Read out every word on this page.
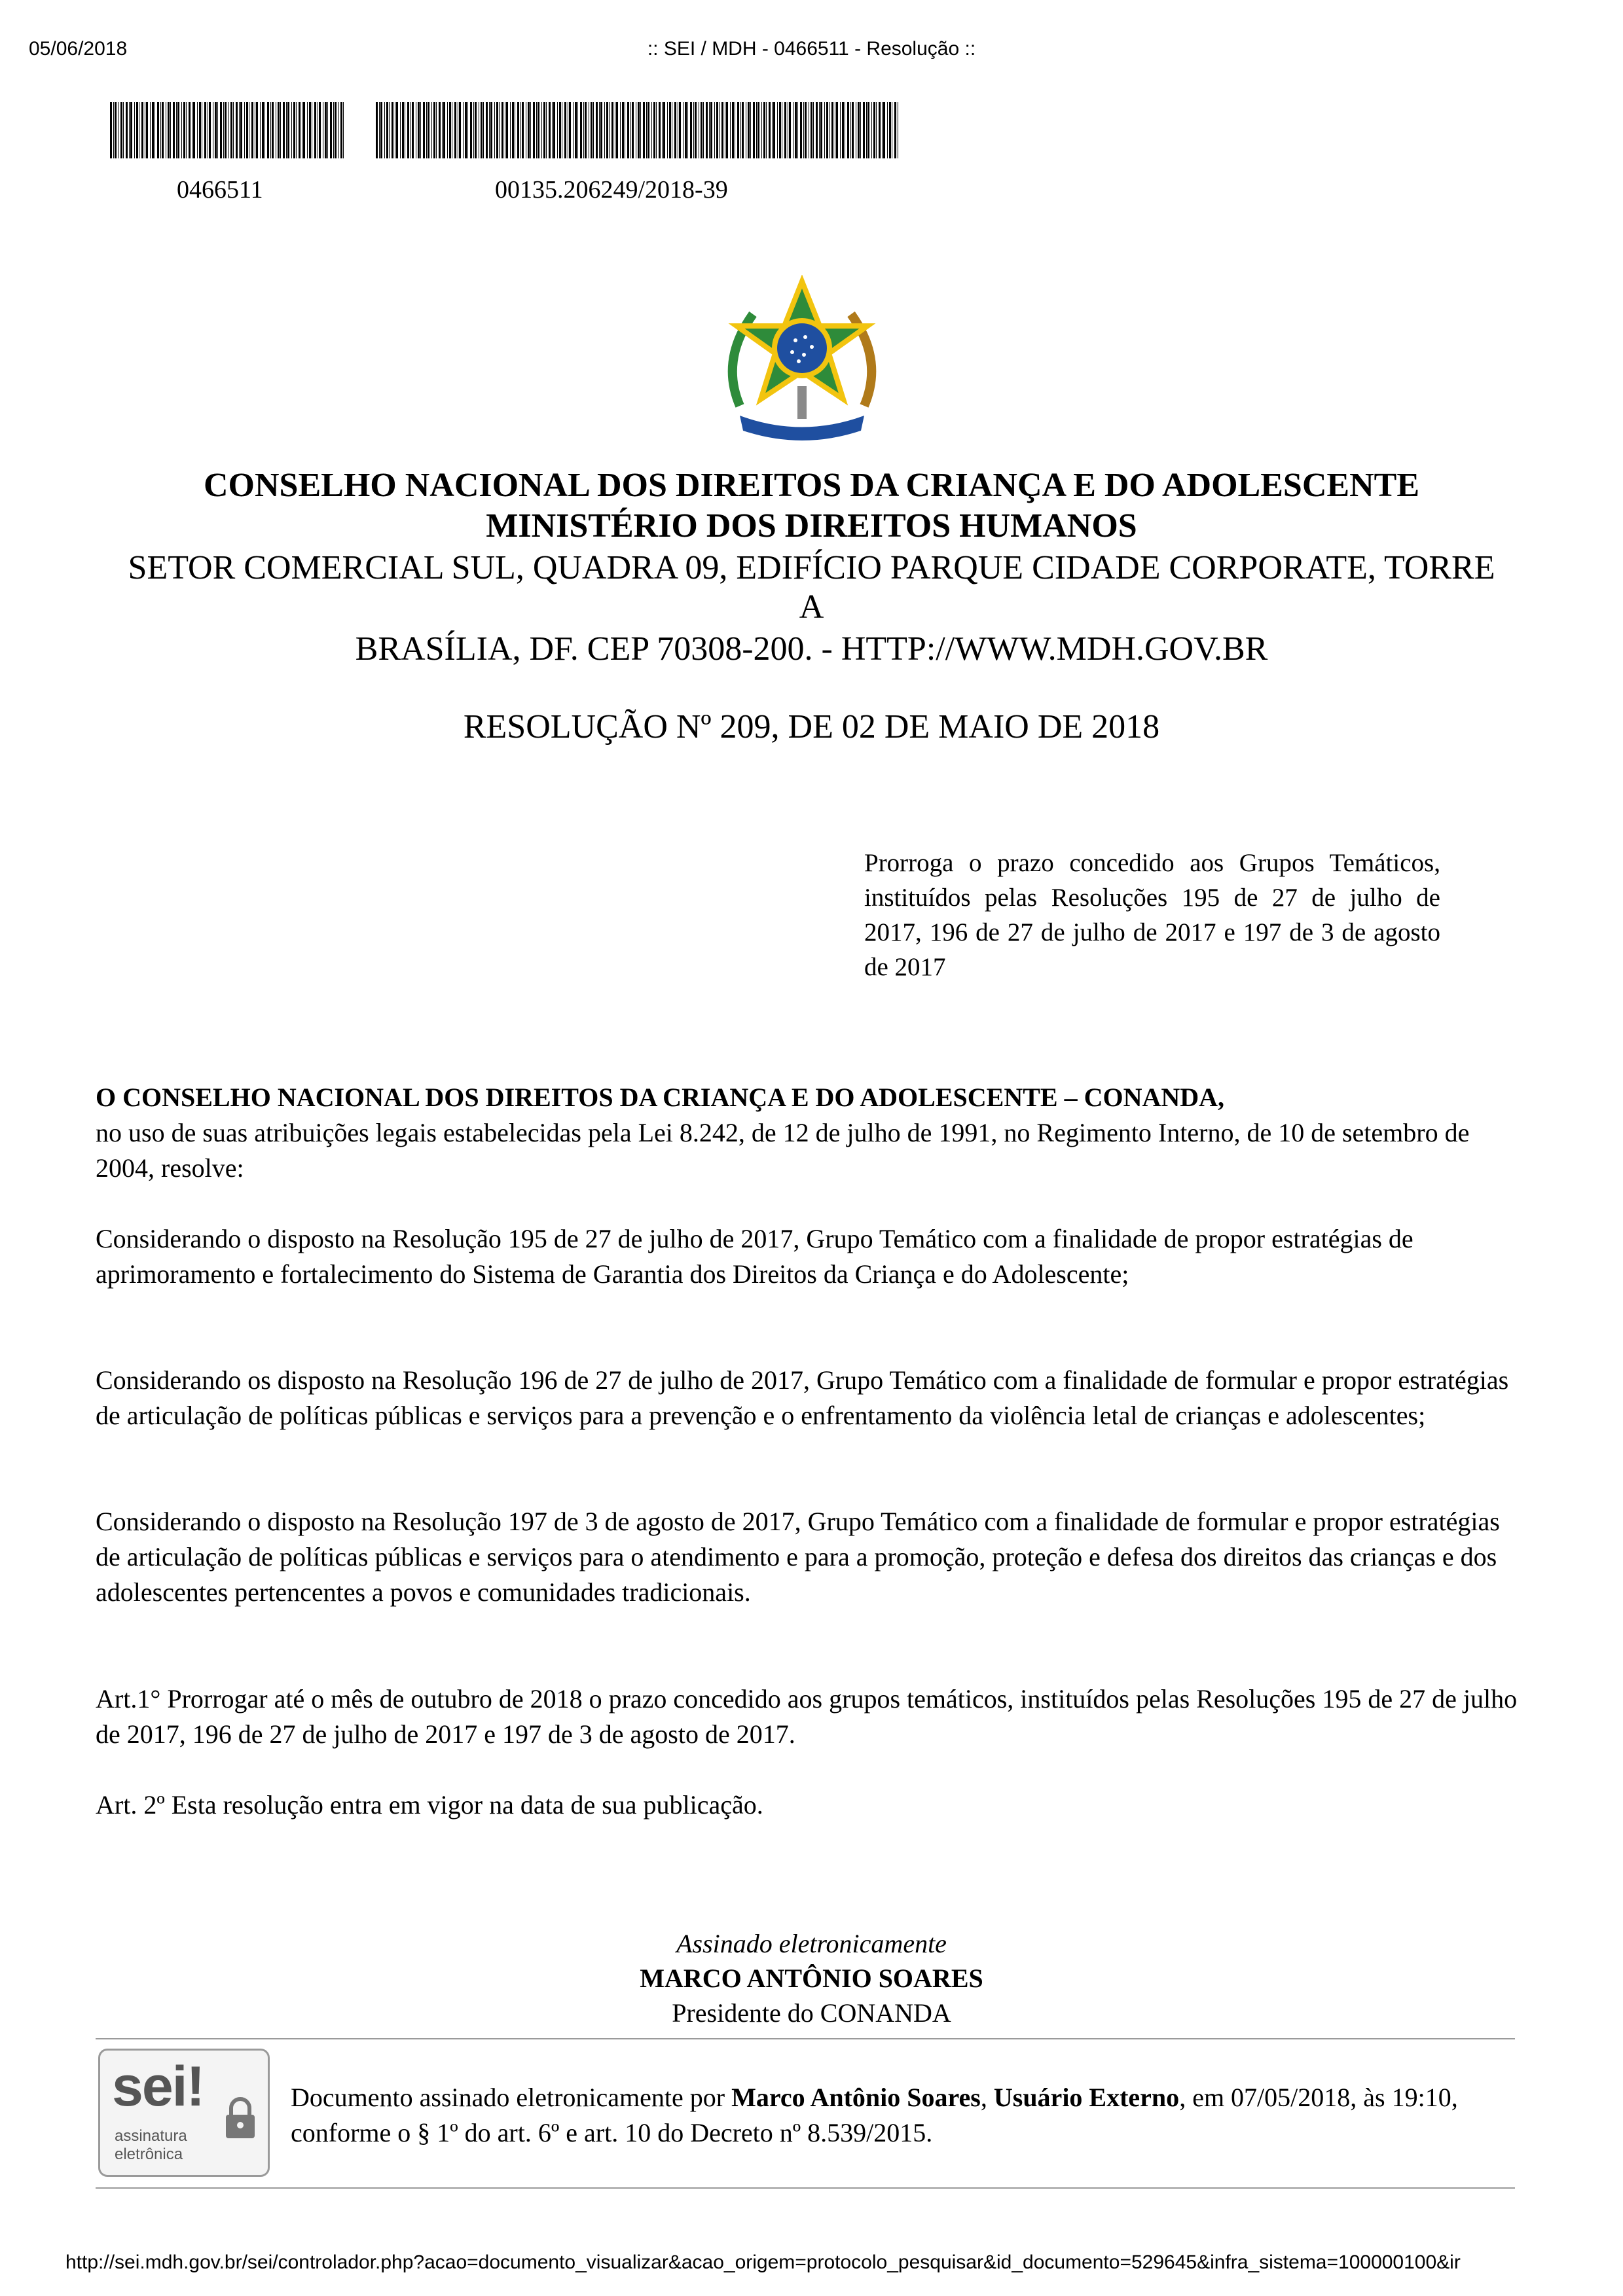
05/06/2018	:: SEI / MDH - 0466511 - Resolução ::
0466511	00135.206249/2018-39
CONSELHO NACIONAL DOS DIREITOS DA CRIANÇA E DO ADOLESCENTE
MINISTÉRIO DOS DIREITOS HUMANOS
SETOR COMERCIAL SUL, QUADRA 09, EDIFÍCIO PARQUE CIDADE CORPORATE, TORRE
A
BRASÍLIA, DF. CEP 70308-200. - HTTP://WWW.MDH.GOV.BR
RESOLUÇÃO Nº 209, DE 02 DE MAIO DE 2018
Prorroga o prazo concedido aos Grupos Temáticos, instituídos pelas Resoluções 195 de 27 de julho de 2017, 196 de 27 de julho de 2017 e 197 de 3 de agosto de 2017
O CONSELHO NACIONAL DOS DIREITOS DA CRIANÇA E DO ADOLESCENTE – CONANDA,
no uso de suas atribuições legais estabelecidas pela Lei 8.242, de 12 de julho de 1991, no Regimento Interno, de 10 de setembro de 2004, resolve:
Considerando o disposto na Resolução 195 de 27 de julho de 2017, Grupo Temático com a finalidade de propor estratégias de aprimoramento e fortalecimento do Sistema de Garantia dos Direitos da Criança e do Adolescente;
Considerando os disposto na Resolução 196 de 27 de julho de 2017, Grupo Temático com a finalidade de formular e propor estratégias de articulação de políticas públicas e serviços para a prevenção e o enfrentamento da violência letal de crianças e adolescentes;
Considerando o disposto na Resolução 197 de 3 de agosto de 2017, Grupo Temático com a finalidade de formular e propor estratégias de articulação de políticas públicas e serviços para o atendimento e para a promoção, proteção e defesa dos direitos das crianças e dos adolescentes pertencentes a povos e comunidades tradicionais.
Art.1° Prorrogar até o mês de outubro de 2018 o prazo concedido aos grupos temáticos, instituídos pelas Resoluções 195 de 27 de julho de 2017, 196 de 27 de julho de 2017 e 197 de 3 de agosto de 2017.
Art. 2º Esta resolução entra em vigor na data de sua publicação.
Assinado eletronicamente
MARCO ANTÔNIO SOARES
Presidente do CONANDA
sei!
assinatura
eletrônica
Documento assinado eletronicamente por Marco Antônio Soares, Usuário Externo, em 07/05/2018, às 19:10, conforme o § 1º do art. 6º e art. 10 do Decreto nº 8.539/2015.
http://sei.mdh.gov.br/sei/controlador.php?acao=documento_visualizar&acao_origem=protocolo_pesquisar&id_documento=529645&infra_sistema=100000100&ir
